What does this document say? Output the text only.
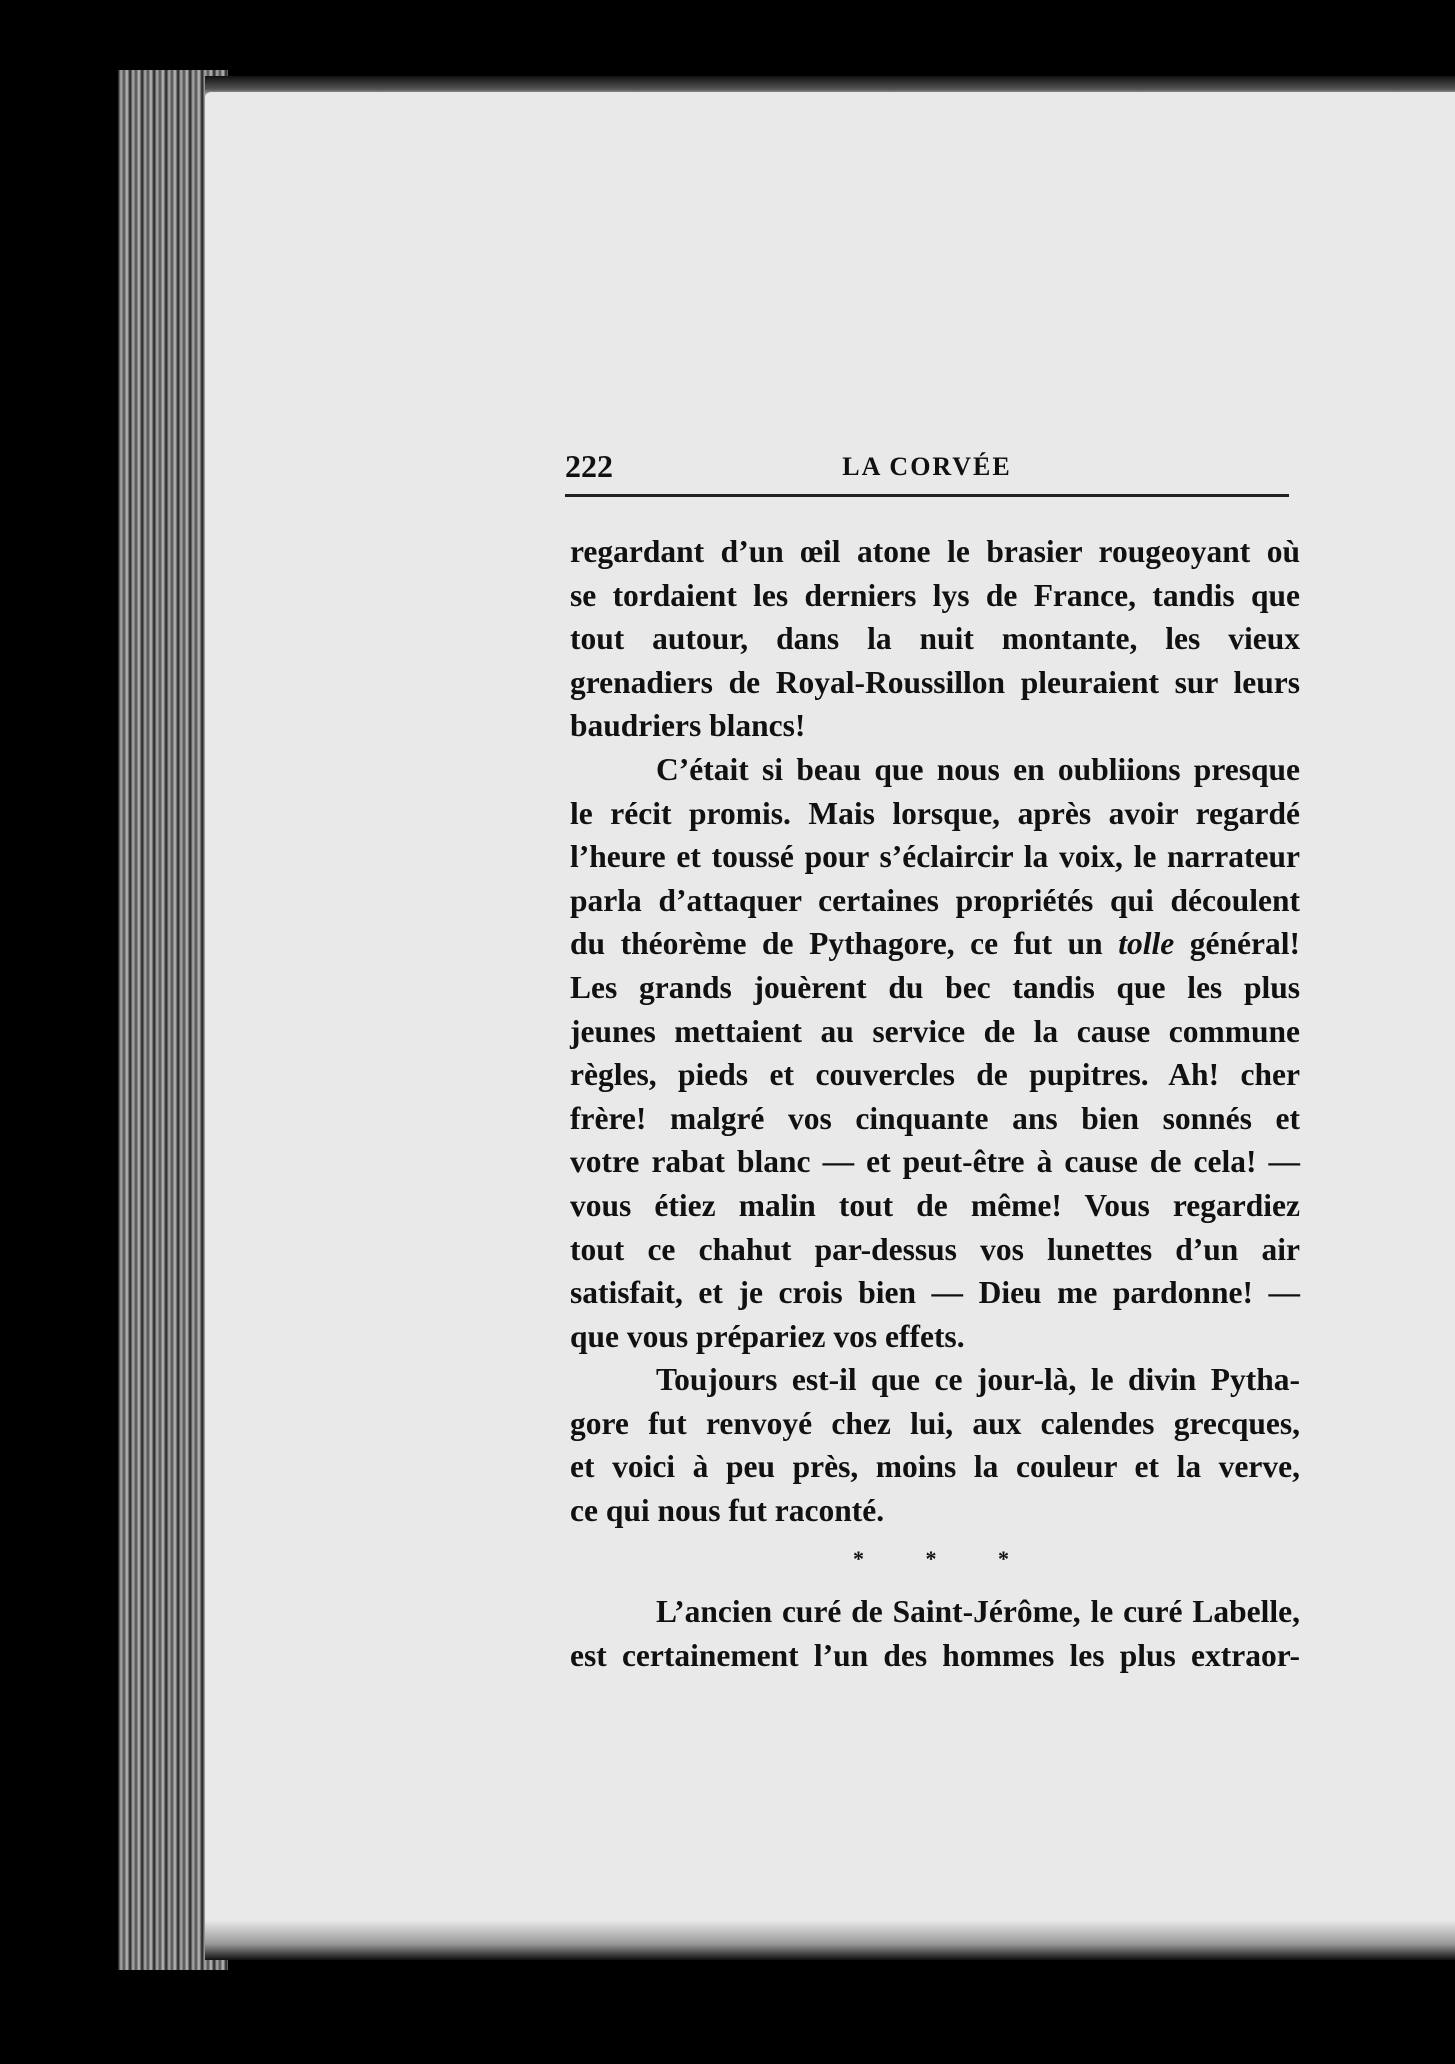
222	LA CORVÉE

regardant d’un œil atone le brasier rougeoyant où
se tordaient les derniers lys de France, tandis que
tout autour, dans la nuit montante, les vieux
grenadiers de Royal-Roussillon pleuraient sur leurs
baudriers blancs!

C’était si beau que nous en oubliions presque
le récit promis. Mais lorsque, après avoir regardé
l’heure et toussé pour s’éclaircir la voix, le narrateur
parla d’attaquer certaines propriétés qui découlent
du théorème de Pythagore, ce fut un tolle général!
Les grands jouèrent du bec tandis que les plus
jeunes mettaient au service de la cause commune
règles, pieds et couvercles de pupitres. Ah! cher
frère! malgré vos cinquante ans bien sonnés et
votre rabat blanc — et peut-être à cause de cela! —
vous étiez malin tout de même! Vous regardiez
tout ce chahut par-dessus vos lunettes d’un air
satisfait, et je crois bien — Dieu me pardonne! —
que vous prépariez vos effets.

Toujours est-il que ce jour-là, le divin Pytha-
gore fut renvoyé chez lui, aux calendes grecques,
et voici à peu près, moins la couleur et la verve,
ce qui nous fut raconté.

* * *

L’ancien curé de Saint-Jérôme, le curé Labelle,
est certainement l’un des hommes les plus extraor-
